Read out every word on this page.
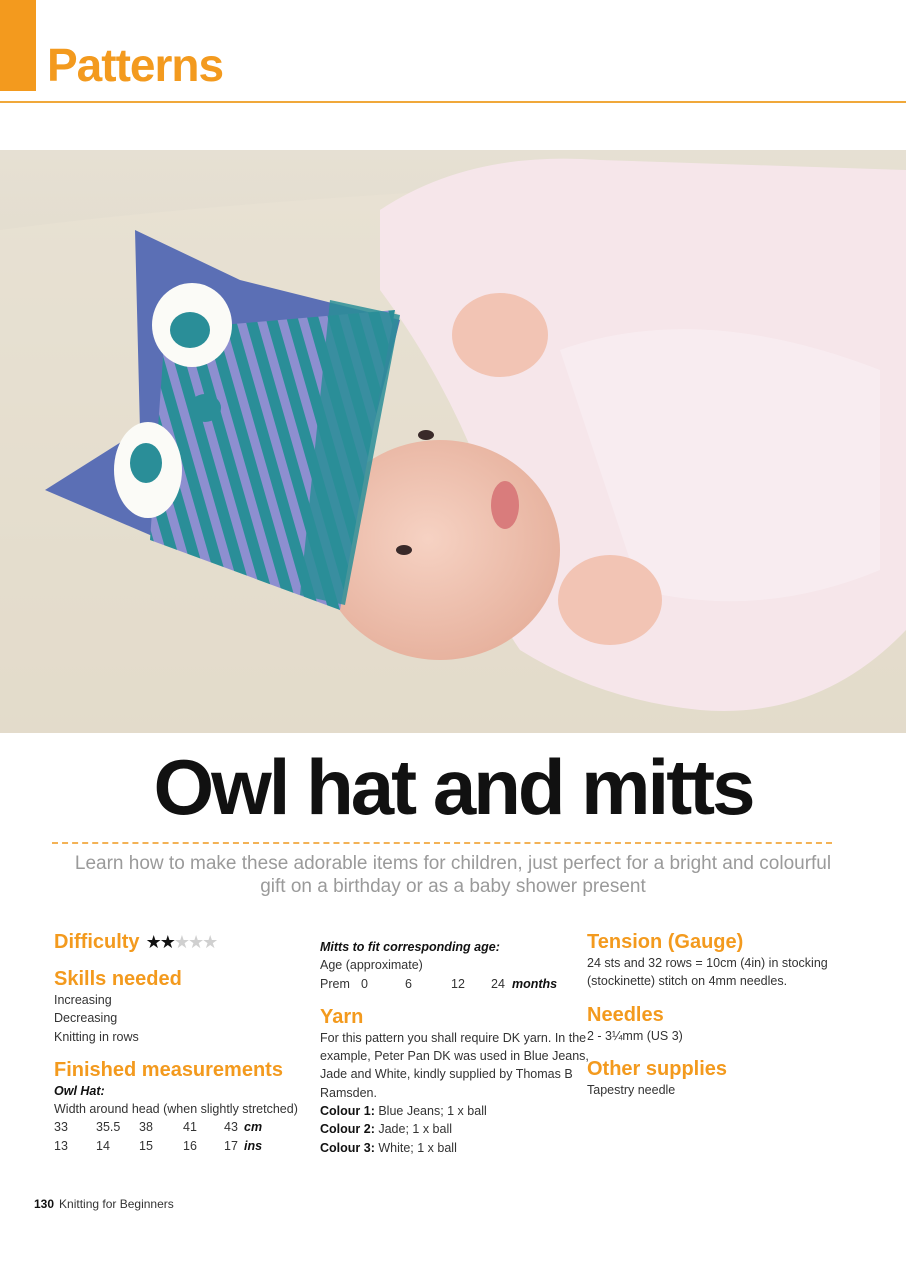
Patterns
Owl hat and mitts
Learn how to make these adorable items for children, just perfect for a bright and colourful gift on a birthday or as a baby shower present
Difficulty ★★★★★
Skills needed
Increasing
Decreasing
Knitting in rows
Finished measurements
Owl Hat:
Width around head (when slightly stretched)
33	35.5	38	41	43 cm
13	14	15	16	17 ins
Mitts to fit corresponding age:
Age (approximate)
Prem 0	6	12	24 months
Yarn
For this pattern you shall require DK yarn. In the
example, Peter Pan DK was used in Blue Jeans,
Jade and White, kindly supplied by Thomas B
Ramsden.
Colour 1: Blue Jeans; 1 x ball
Colour 2: Jade; 1 x ball
Colour 3: White; 1 x ball
Tension (Gauge)
24 sts and 32 rows = 10cm (4in) in stocking
(stockinette) stitch on 4mm needles.
Needles
2 - 3¼mm (US 3)
Other supplies
Tapestry needle
130 Knitting for Beginners
